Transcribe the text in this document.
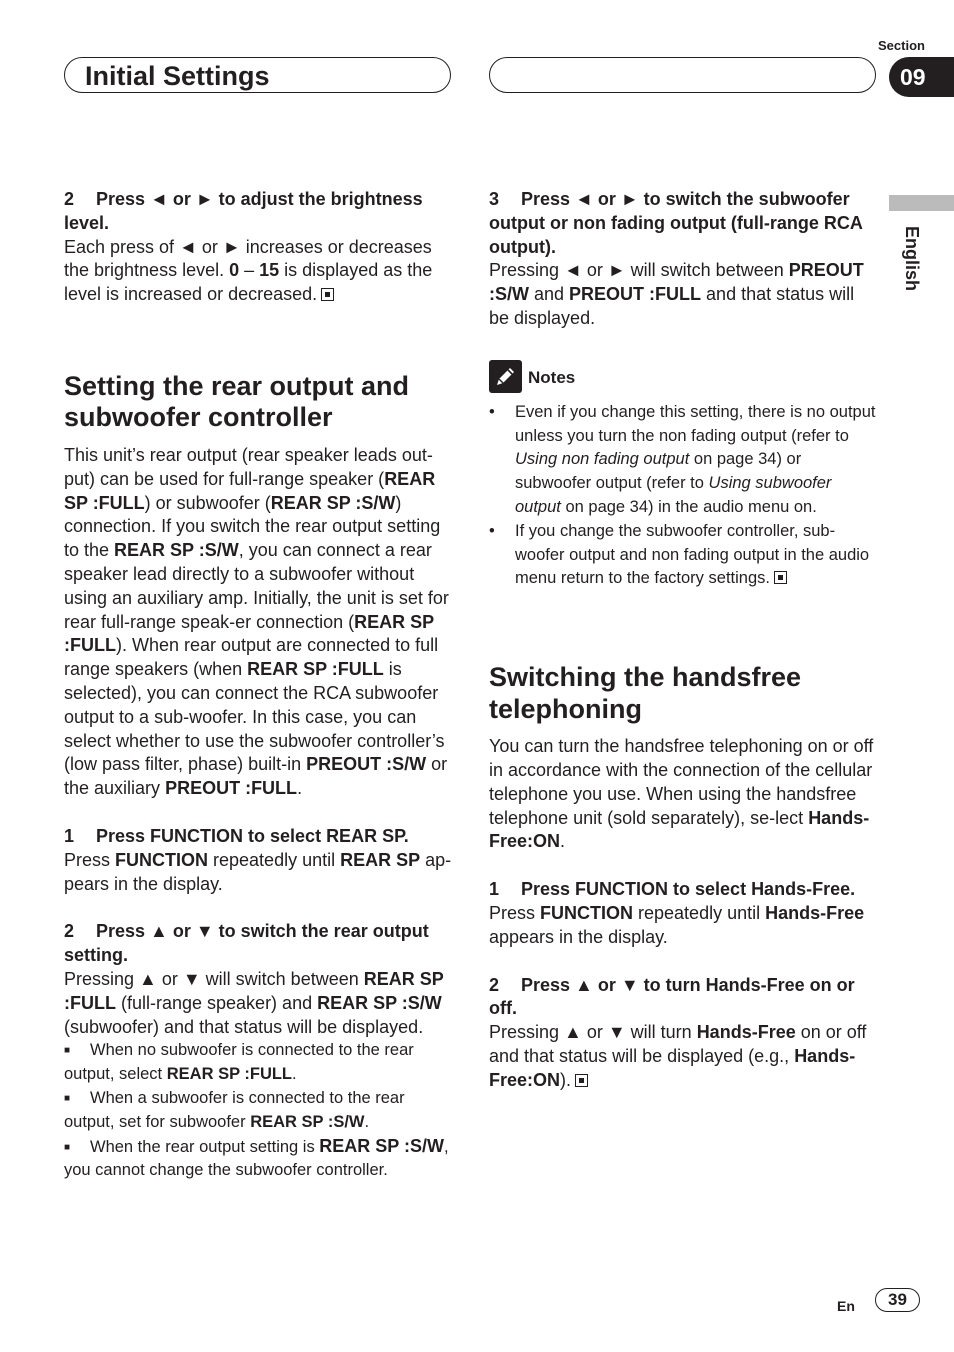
Initial Settings
Section
09
English

2 Press ◄ or ► to adjust the brightness level.

Each press of ◄ or ► increases or decreases the brightness level. 0 – 15 is displayed as the level is increased or decreased.

Setting the rear output and subwoofer controller

This unit’s rear output (rear speaker leads out-put) can be used for full-range speaker (REAR SP :FULL) or subwoofer (REAR SP :S/W) connection. If you switch the rear output setting to the REAR SP :S/W, you can connect a rear speaker lead directly to a subwoofer without using an auxiliary amp. Initially, the unit is set for rear full-range speak-er connection (REAR SP :FULL). When rear output are connected to full range speakers (when REAR SP :FULL is selected), you can connect the RCA subwoofer output to a sub-woofer. In this case, you can select whether to use the subwoofer controller’s (low pass filter, phase) built-in PREOUT :S/W or the auxiliary PREOUT :FULL.

1 Press FUNCTION to select REAR SP.

Press FUNCTION repeatedly until REAR SP ap-pears in the display.

2 Press ▲ or ▼ to switch the rear output setting.

Pressing ▲ or ▼ will switch between REAR SP :FULL (full-range speaker) and REAR SP :S/W (subwoofer) and that status will be displayed.

■ When no subwoofer is connected to the rear output, select REAR SP :FULL.

■ When a subwoofer is connected to the rear output, set for subwoofer REAR SP :S/W.

■ When the rear output setting is REAR SP :S/W, you cannot change the subwoofer controller.

3 Press ◄ or ► to switch the subwoofer output or non fading output (full-range RCA output).

Pressing ◄ or ► will switch between PREOUT :S/W and PREOUT :FULL and that status will be displayed.

Notes

• Even if you change this setting, there is no output unless you turn the non fading output (refer to Using non fading output on page 34) or subwoofer output (refer to Using subwoofer output on page 34) in the audio menu on.

• If you change the subwoofer controller, sub-woofer output and non fading output in the audio menu return to the factory settings.

Switching the handsfree telephoning

You can turn the handsfree telephoning on or off in accordance with the connection of the cellular telephone you use. When using the handsfree telephone unit (sold separately), se-lect Hands-Free:ON.

1 Press FUNCTION to select Hands-Free.

Press FUNCTION repeatedly until Hands-Free appears in the display.

2 Press ▲ or ▼ to turn Hands-Free on or off.

Pressing ▲ or ▼ will turn Hands-Free on or off and that status will be displayed (e.g., Hands-Free:ON).

En	39
